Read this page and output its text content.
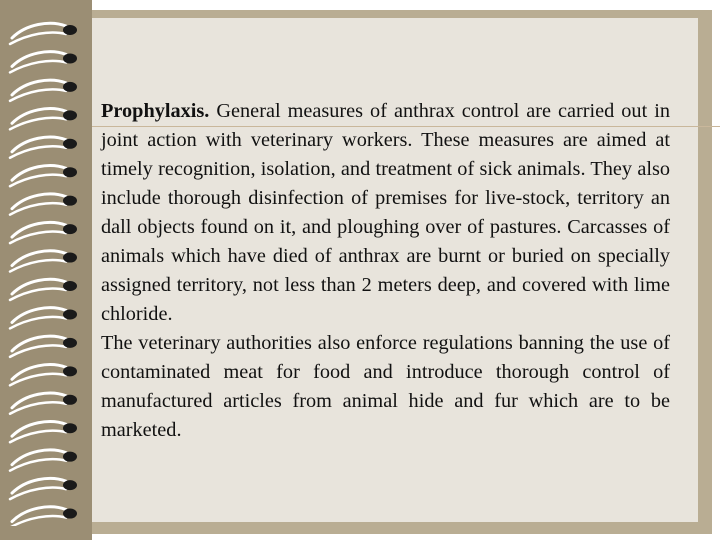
Prophylaxis. General measures of anthrax control are carried out in joint action with veterinary workers. These measures are aimed at timely recognition, isolation, and treatment of sick animals. They also include thorough disinfection of premises for live-stock, territory an dall objects found on it, and ploughing over of pastures. Carcasses of animals which have died of anthrax are burnt or buried on specially assigned territory, not less than 2 meters deep, and covered with lime chloride.

The veterinary authorities also enforce regulations banning the use of contaminated meat for food and introduce thorough control of manufactured articles from animal hide and fur which are to be marketed.
